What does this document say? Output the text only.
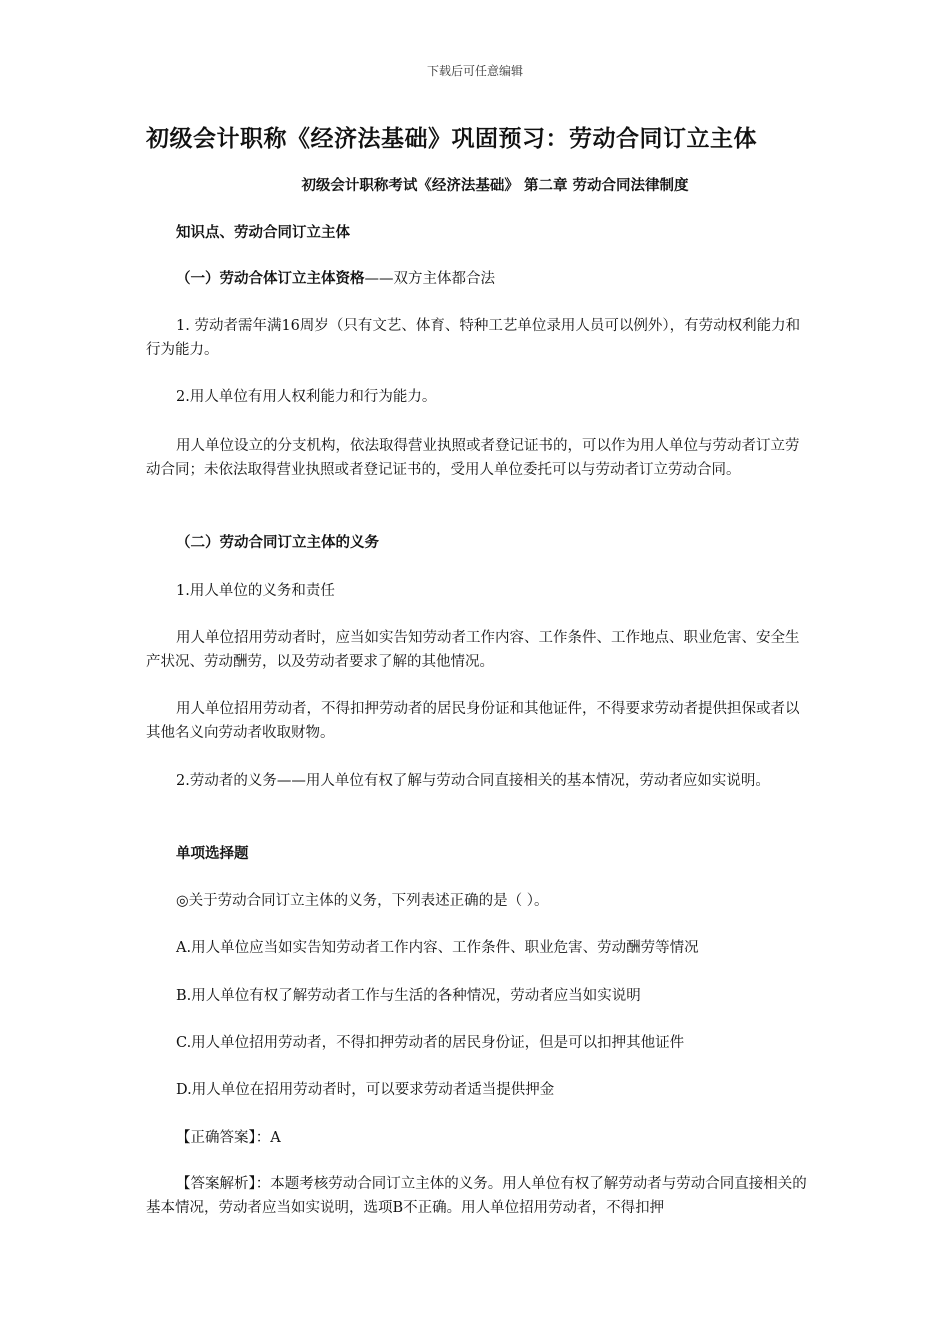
下载后可任意编辑
初级会计职称《经济法基础》巩固预习：劳动合同订立主体
初级会计职称考试《经济法基础》 第二章 劳动合同法律制度
知识点、劳动合同订立主体
（一）劳动合体订立主体资格——双方主体都合法
1. 劳动者需年满16周岁（只有文艺、体育、特种工艺单位录用人员可以例外），有劳动权利能力和行为能力。
2.用人单位有用人权利能力和行为能力。
用人单位设立的分支机构，依法取得营业执照或者登记证书的，可以作为用人单位与劳动者订立劳动合同；未依法取得营业执照或者登记证书的，受用人单位委托可以与劳动者订立劳动合同。
（二）劳动合同订立主体的义务
1.用人单位的义务和责任
用人单位招用劳动者时，应当如实告知劳动者工作内容、工作条件、工作地点、职业危害、安全生产状况、劳动酬劳，以及劳动者要求了解的其他情况。
用人单位招用劳动者，不得扣押劳动者的居民身份证和其他证件，不得要求劳动者提供担保或者以其他名义向劳动者收取财物。
2.劳动者的义务——用人单位有权了解与劳动合同直接相关的基本情况，劳动者应如实说明。
单项选择题
◎关于劳动合同订立主体的义务，下列表述正确的是（ ）。
A.用人单位应当如实告知劳动者工作内容、工作条件、职业危害、劳动酬劳等情况
B.用人单位有权了解劳动者工作与生活的各种情况，劳动者应当如实说明
C.用人单位招用劳动者，不得扣押劳动者的居民身份证，但是可以扣押其他证件
D.用人单位在招用劳动者时，可以要求劳动者适当提供押金
【正确答案】：A
【答案解析】：本题考核劳动合同订立主体的义务。用人单位有权了解劳动者与劳动合同直接相关的基本情况，劳动者应当如实说明，选项B不正确。用人单位招用劳动者，不得扣押
